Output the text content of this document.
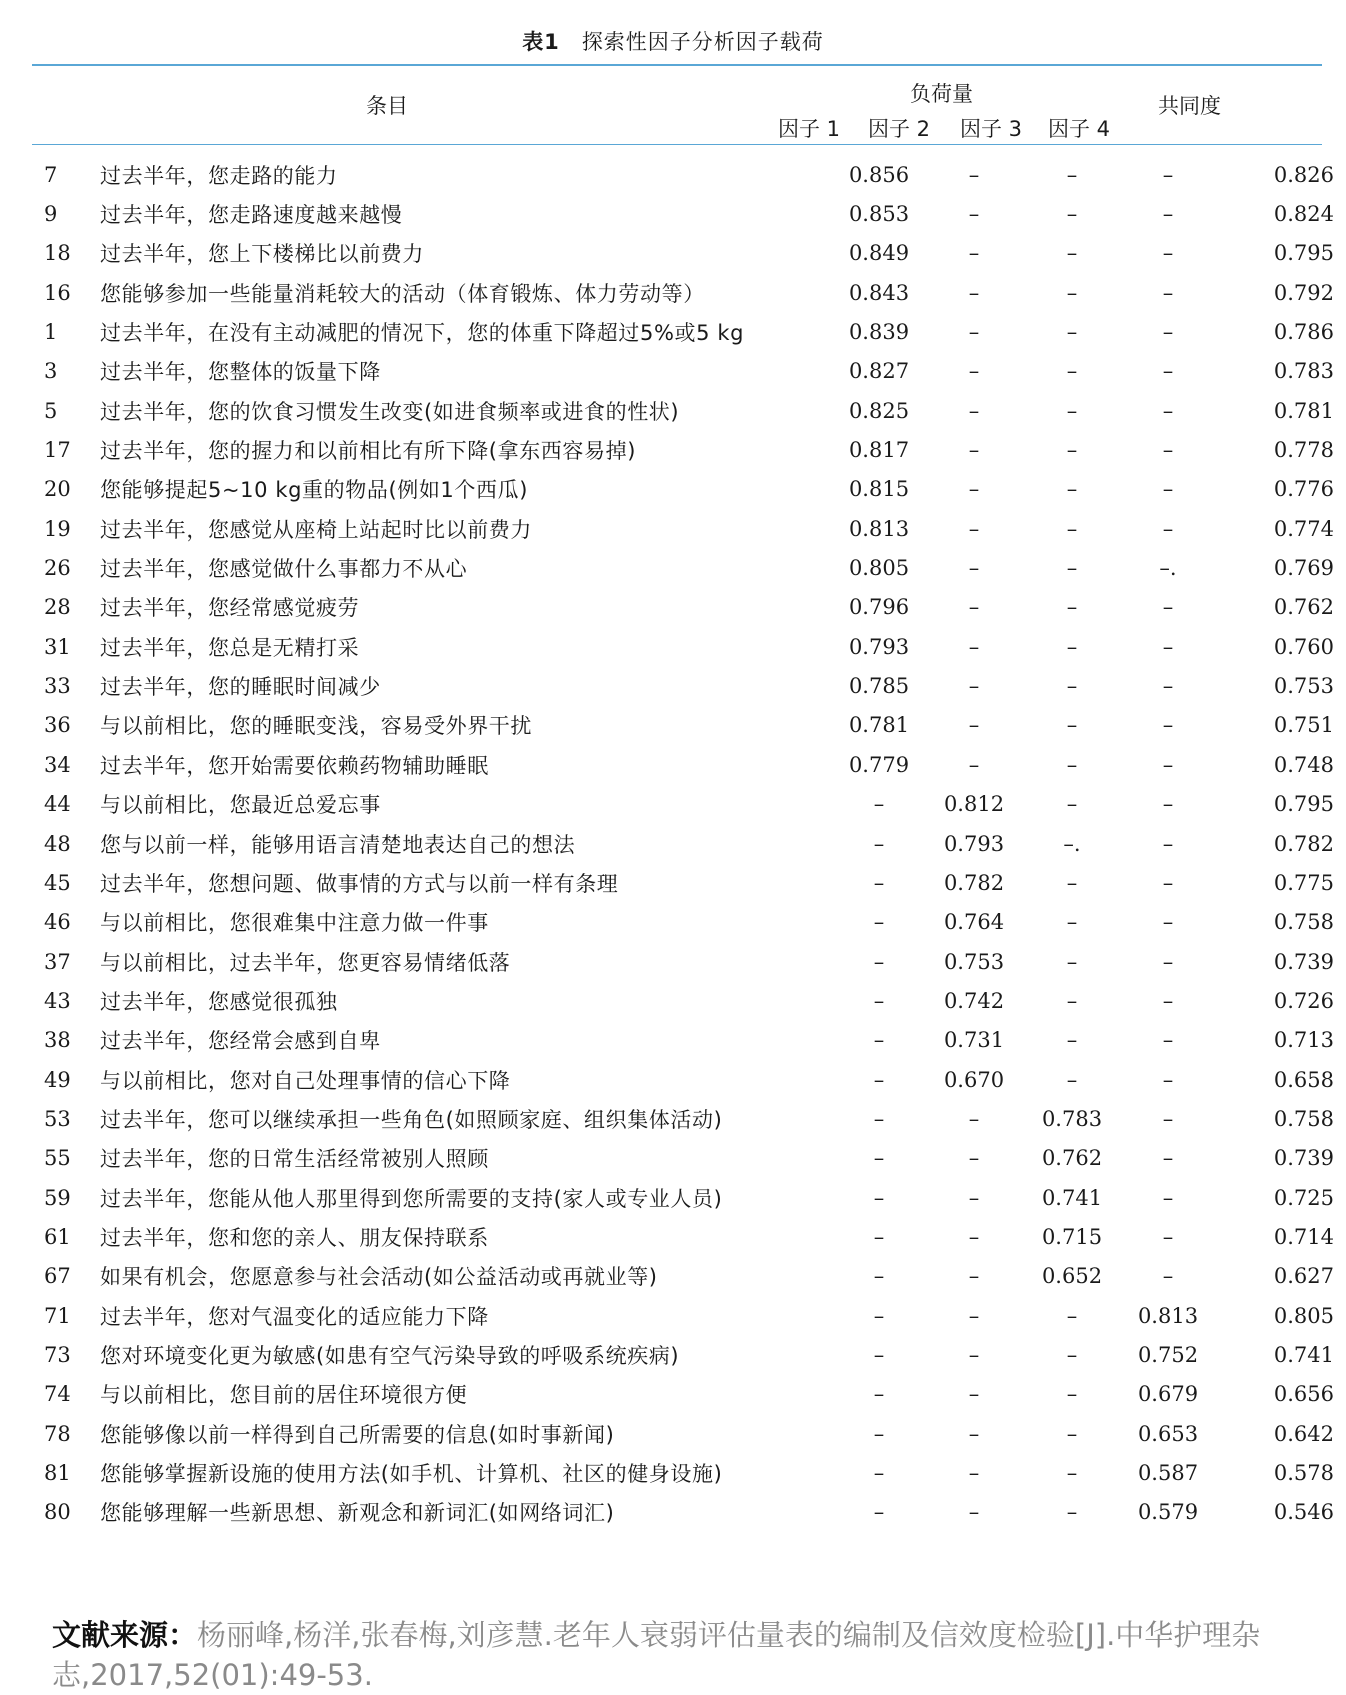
表1 探索性因子分析因子载荷
条目	负荷量	共同度
因子 1 因子 2 因子 3 因子 4
7	过去半年，您走路的能力	0.856	–	–	–	0.826
9	过去半年，您走路速度越来越慢	0.853	–	–	–	0.824
18	过去半年，您上下楼梯比以前费力	0.849	–	–	–	0.795
16	您能够参加一些能量消耗较大的活动（体育锻炼、体力劳动等）	0.843	–	–	–	0.792
1	过去半年，在没有主动减肥的情况下，您的体重下降超过5%或5 kg	0.839	–	–	–	0.786
3	过去半年，您整体的饭量下降	0.827	–	–	–	0.783
5	过去半年，您的饮食习惯发生改变(如进食频率或进食的性状)	0.825	–	–	–	0.781
17	过去半年，您的握力和以前相比有所下降(拿东西容易掉)	0.817	–	–	–	0.778
20	您能够提起5~10 kg重的物品(例如1个西瓜)	0.815	–	–	–	0.776
19	过去半年，您感觉从座椅上站起时比以前费力	0.813	–	–	–	0.774
26	过去半年，您感觉做什么事都力不从心	0.805	–	–	–.	0.769
28	过去半年，您经常感觉疲劳	0.796	–	–	–	0.762
31	过去半年，您总是无精打采	0.793	–	–	–	0.760
33	过去半年，您的睡眠时间减少	0.785	–	–	–	0.753
36	与以前相比，您的睡眠变浅，容易受外界干扰	0.781	–	–	–	0.751
34	过去半年，您开始需要依赖药物辅助睡眠	0.779	–	–	–	0.748
44	与以前相比，您最近总爱忘事	–	0.812	–	–	0.795
48	您与以前一样，能够用语言清楚地表达自己的想法	–	0.793	–.	–	0.782
45	过去半年，您想问题、做事情的方式与以前一样有条理	–	0.782	–	–	0.775
46	与以前相比，您很难集中注意力做一件事	–	0.764	–	–	0.758
37	与以前相比，过去半年，您更容易情绪低落	–	0.753	–	–	0.739
43	过去半年，您感觉很孤独	–	0.742	–	–	0.726
38	过去半年，您经常会感到自卑	–	0.731	–	–	0.713
49	与以前相比，您对自己处理事情的信心下降	–	0.670	–	–	0.658
53	过去半年，您可以继续承担一些角色(如照顾家庭、组织集体活动)	–	–	0.783	–	0.758
55	过去半年，您的日常生活经常被别人照顾	–	–	0.762	–	0.739
59	过去半年，您能从他人那里得到您所需要的支持(家人或专业人员)	–	–	0.741	–	0.725
61	过去半年，您和您的亲人、朋友保持联系	–	–	0.715	–	0.714
67	如果有机会，您愿意参与社会活动(如公益活动或再就业等)	–	–	0.652	–	0.627
71	过去半年，您对气温变化的适应能力下降	–	–	–	0.813	0.805
73	您对环境变化更为敏感(如患有空气污染导致的呼吸系统疾病)	–	–	–	0.752	0.741
74	与以前相比，您目前的居住环境很方便	–	–	–	0.679	0.656
78	您能够像以前一样得到自己所需要的信息(如时事新闻)	–	–	–	0.653	0.642
81	您能够掌握新设施的使用方法(如手机、计算机、社区的健身设施)	–	–	–	0.587	0.578
80	您能够理解一些新思想、新观念和新词汇(如网络词汇)	–	–	–	0.579	0.546
文献来源：杨丽峰,杨洋,张春梅,刘彦慧.老年人衰弱评估量表的编制及信效度检验[J].中华护理杂志,2017,52(01):49-53.
